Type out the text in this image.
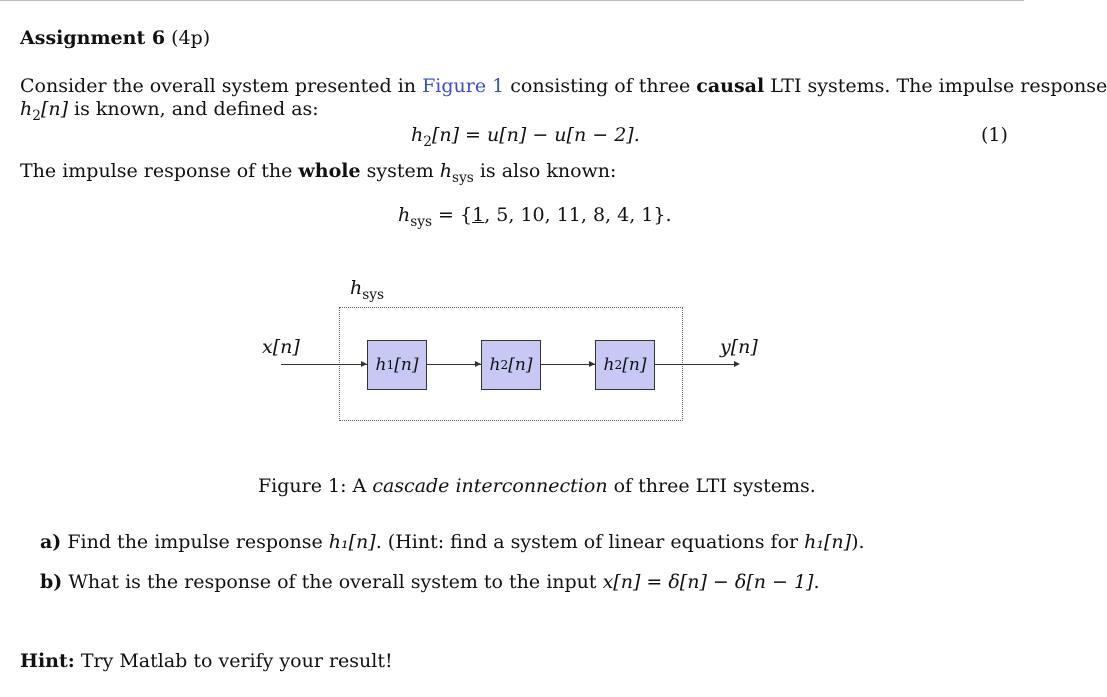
Assignment 6 (4p)
Consider the overall system presented in Figure 1 consisting of three causal LTI systems. The impulse response
$h_2[n]$ is known, and defined as:
$h_2[n] = u[n] - u[n - 2]$.	(1)
The impulse response of the whole system $h_{sys}$ is also known:
$h_{sys} = \{1$, 5, 10, 11, 8, 4, 1}.
$h_{sys}$
x[n]	y[n]
h 1 [n]	h 2 [n]	h 2 [n]
Figure 1: A cascade interconnection of three LTI systems.
a) Find the impulse response h₁[n]. (Hint: find a system of linear equations for h₁[n]).
b) What is the response of the overall system to the input x[n] = δ[n] − δ[n − 1].
Hint: Try Matlab to verify your result!
